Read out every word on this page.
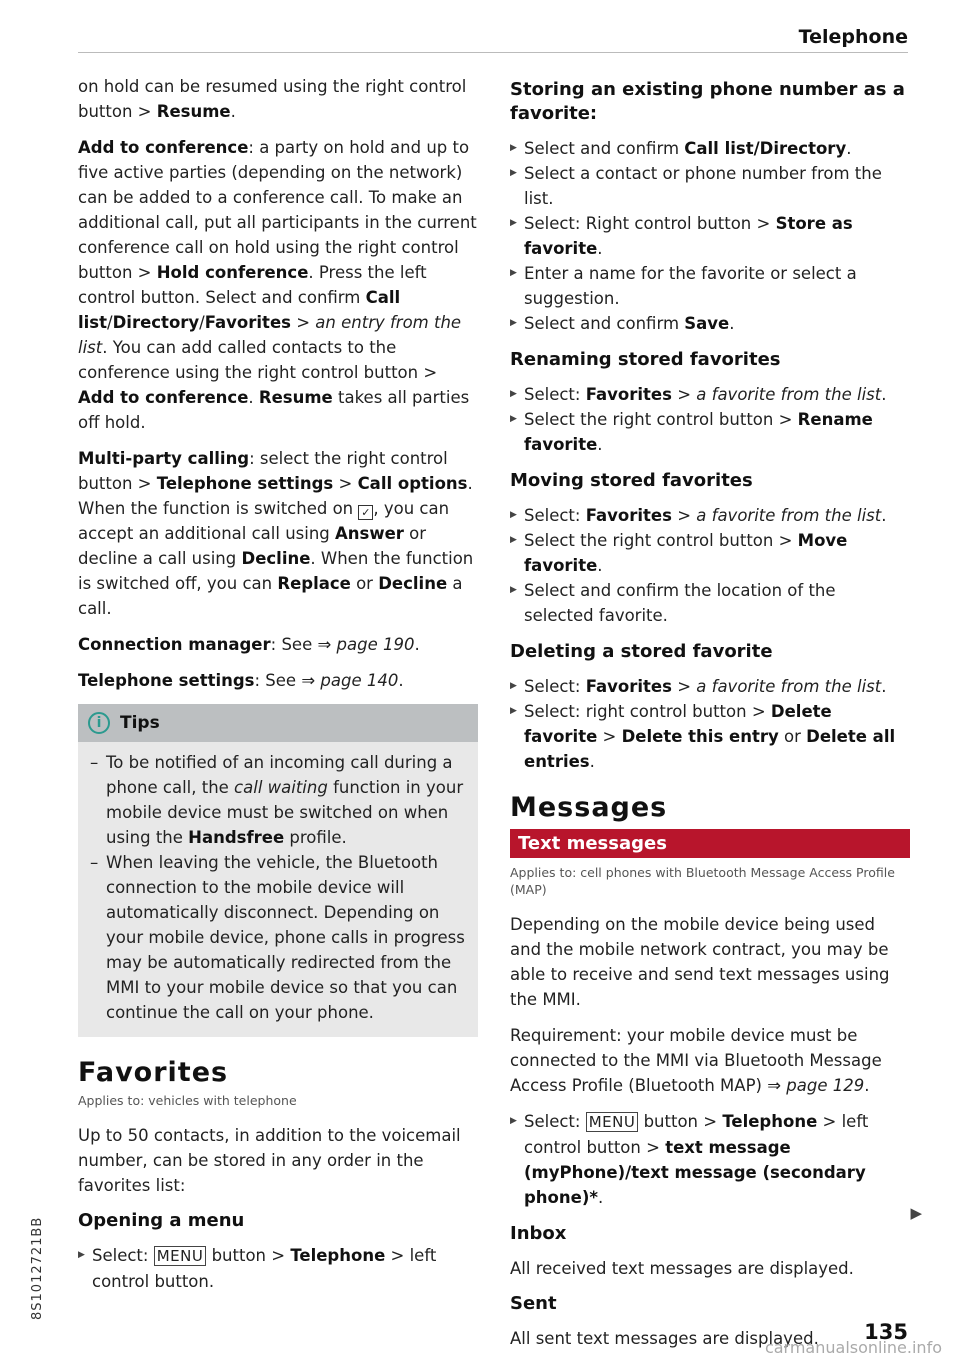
Telephone

on hold can be resumed using the right control button > Resume.

Add to conference: a party on hold and up to five active parties (depending on the network) can be added to a conference call. To make an additional call, put all participants in the current conference call on hold using the right control button > Hold conference. Press the left control button. Select and confirm Call list/Directory/Favorites > an entry from the list. You can add called contacts to the conference using the right control button > Add to conference. Resume takes all parties off hold.

Multi-party calling: select the right control button > Telephone settings > Call options. When the function is switched on ✓ , you can accept an additional call using Answer or decline a call using Decline. When the function is switched off, you can Replace or Decline a call.

Connection manager: See ⇒ page 190.

Telephone settings: See ⇒ page 140.

i	Tips
– To be notified of an incoming call during a phone call, the call waiting function in your mobile device must be switched on when using the Handsfree profile.
– When leaving the vehicle, the Bluetooth connection to the mobile device will automatically disconnect. Depending on your mobile device, phone calls in progress may be automatically redirected from the MMI to your mobile device so that you can continue the call on your phone.
Favorites
Applies to: vehicles with telephone

Up to 50 contacts, in addition to the voicemail number, can be stored in any order in the favorites list:

Opening a menu
▶ Select: MENU button > Telephone > left control button.
Storing an existing phone number as a favorite:
▶ Select and confirm Call list/Directory.
▶ Select a contact or phone number from the list.
▶ Select: Right control button > Store as favorite.
▶ Enter a name for the favorite or select a suggestion.
▶ Select and confirm Save.
Renaming stored favorites
▶ Select: Favorites > a favorite from the list.
▶ Select the right control button > Rename favorite.
Moving stored favorites
▶ Select: Favorites > a favorite from the list.
▶ Select the right control button > Move favorite.
▶ Select and confirm the location of the selected favorite.
Deleting a stored favorite
▶ Select: Favorites > a favorite from the list.
▶ Select: right control button > Delete favorite > Delete this entry or Delete all entries.
Messages
Text messages
Applies to: cell phones with Bluetooth Message Access Profile (MAP)

Depending on the mobile device being used and the mobile network contract, you may be able to receive and send text messages using the MMI.

Requirement: your mobile device must be connected to the MMI via Bluetooth Message Access Profile (Bluetooth MAP) ⇒ page 129.

▶ Select: MENU button > Telephone > left control button > text message (myPhone)/text message (secondary phone)*.
Inbox

All received text messages are displayed.

Sent

All sent text messages are displayed.

▶
8S1012721BB
135
carmanualsonline.info
